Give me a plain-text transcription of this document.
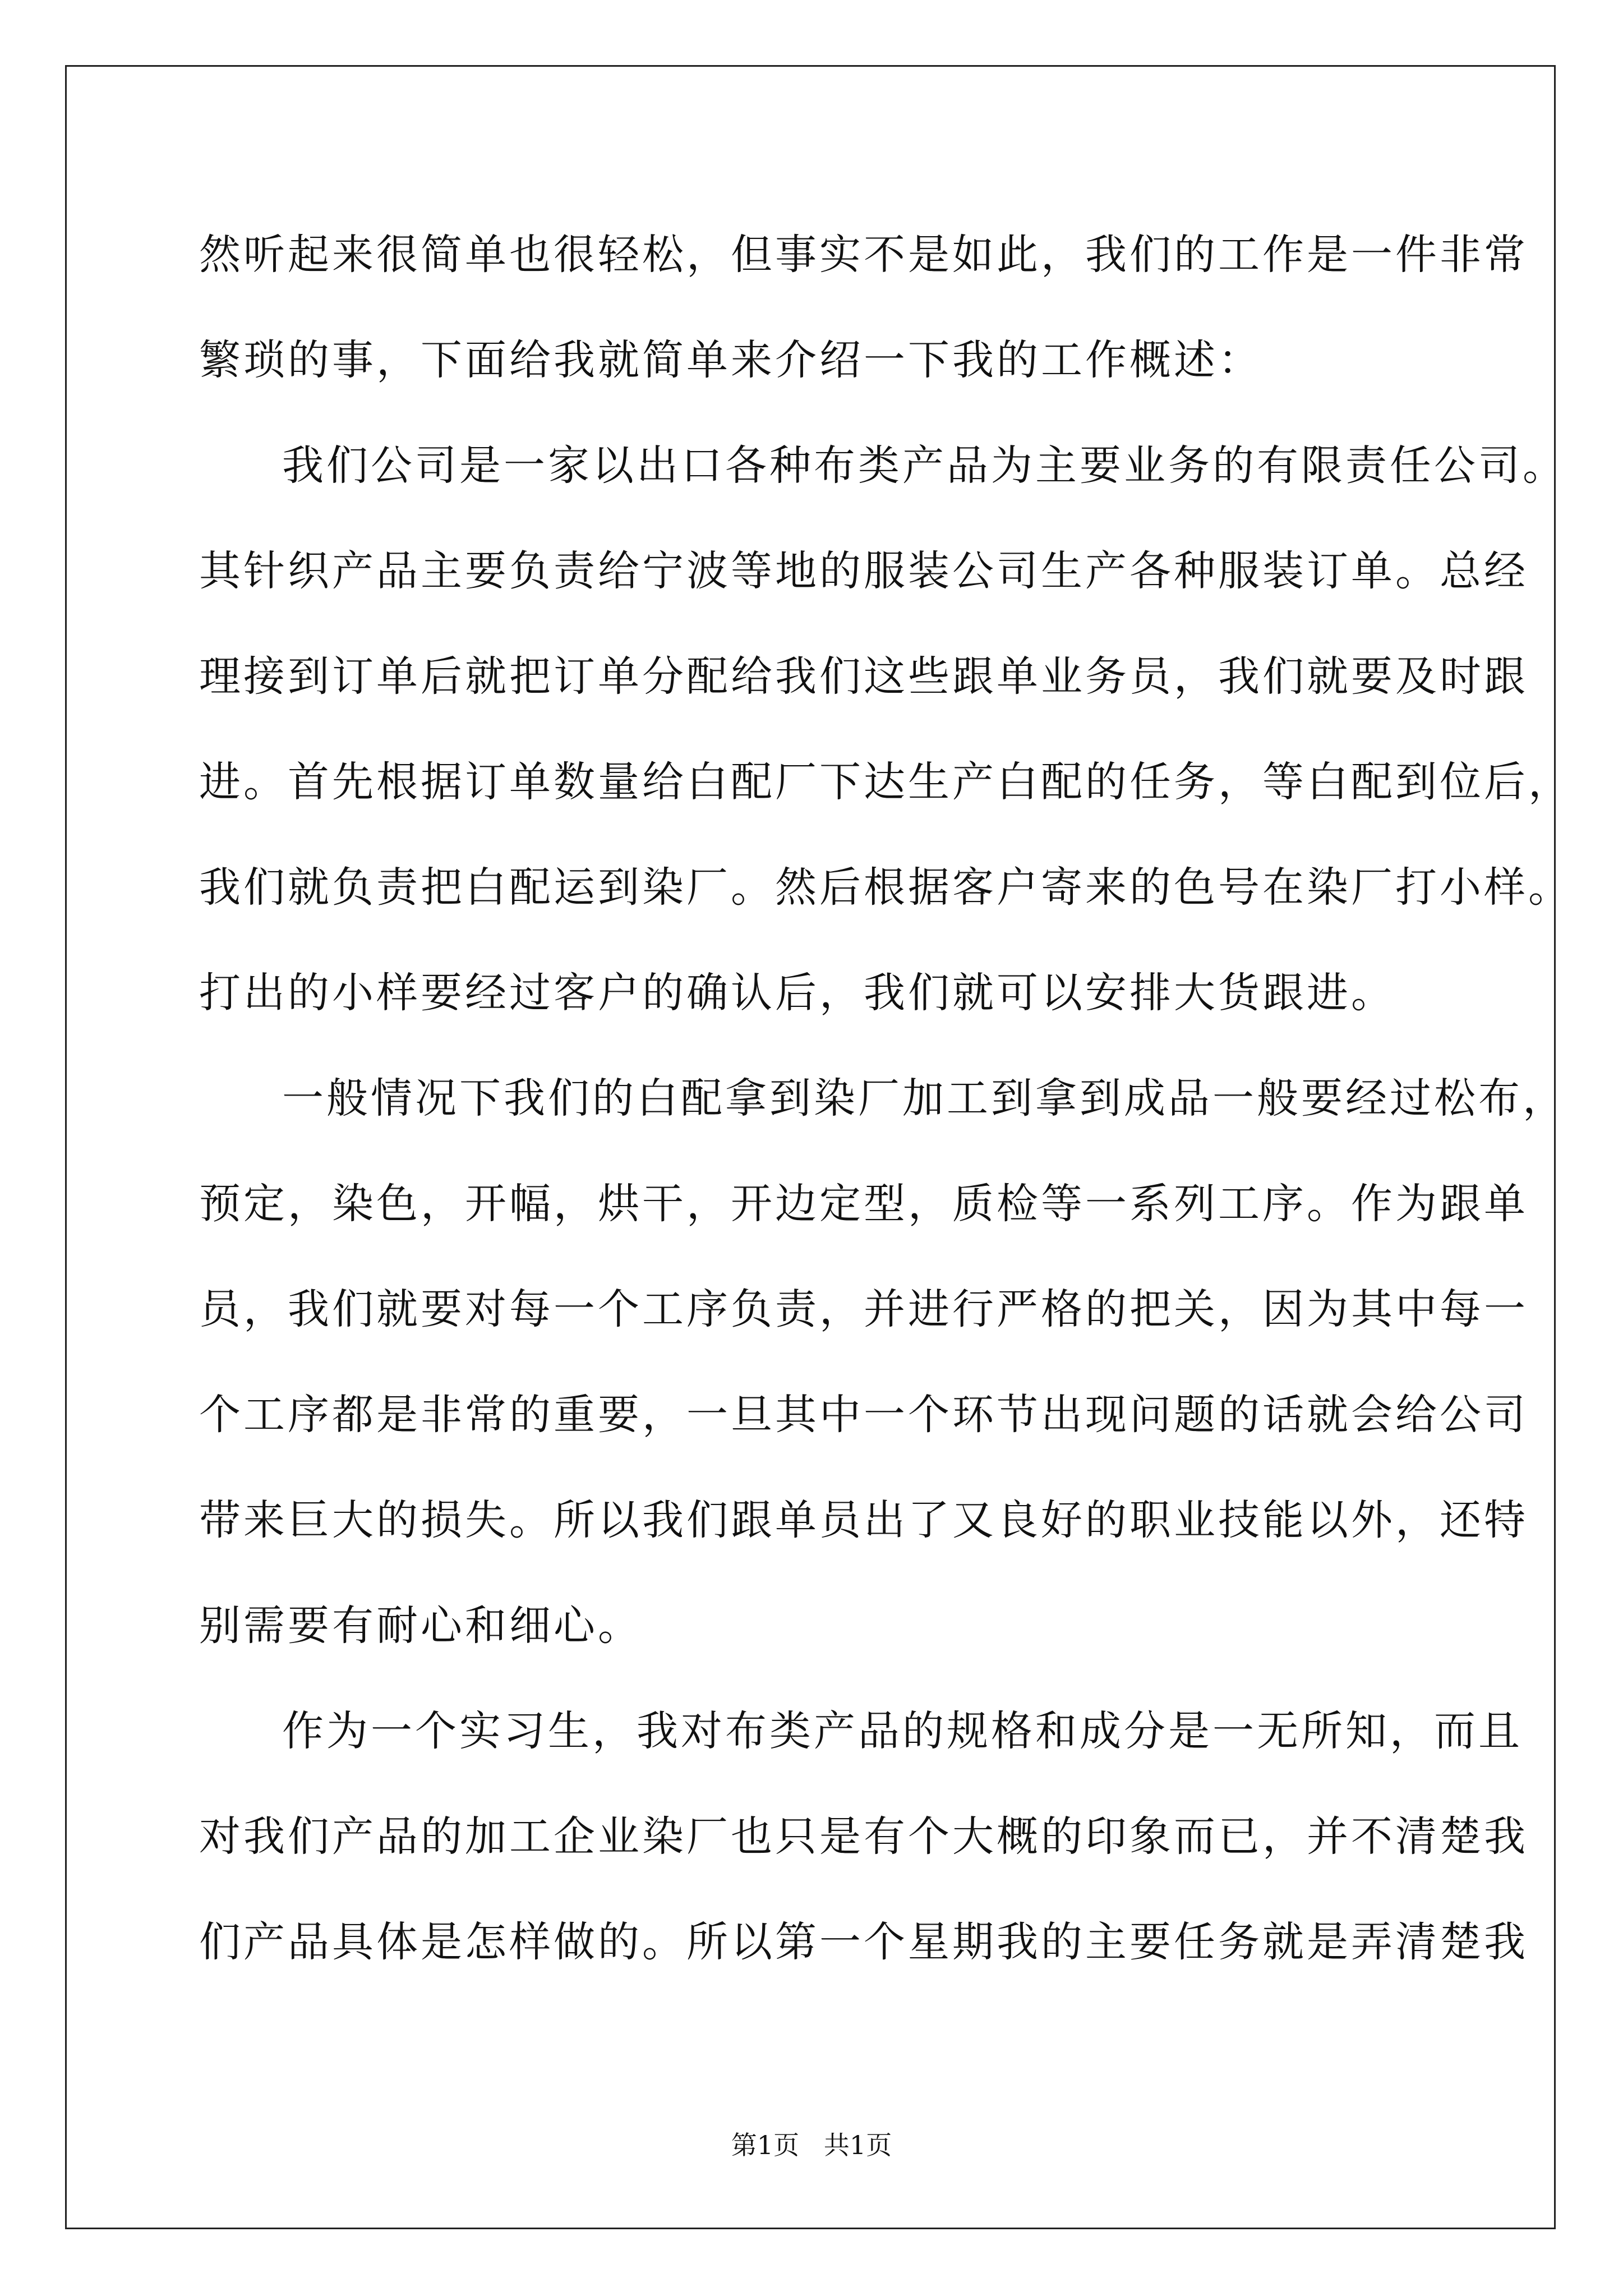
然听起来很简单也很轻松，但事实不是如此，我们的工作是一件非常
繁琐的事，下面给我就简单来介绍一下我的工作概述：
我们公司是一家以出口各种布类产品为主要业务的有限责任公司。
其针织产品主要负责给宁波等地的服装公司生产各种服装订单。总经
理接到订单后就把订单分配给我们这些跟单业务员，我们就要及时跟
进。首先根据订单数量给白配厂下达生产白配的任务，等白配到位后，
我们就负责把白配运到染厂。然后根据客户寄来的色号在染厂打小样。
打出的小样要经过客户的确认后，我们就可以安排大货跟进。
一般情况下我们的白配拿到染厂加工到拿到成品一般要经过松布，
预定，染色，开幅，烘干，开边定型，质检等一系列工序。作为跟单
员，我们就要对每一个工序负责，并进行严格的把关，因为其中每一
个工序都是非常的重要，一旦其中一个环节出现问题的话就会给公司
带来巨大的损失。所以我们跟单员出了又良好的职业技能以外，还特
别需要有耐心和细心。
作为一个实习生，我对布类产品的规格和成分是一无所知，而且
对我们产品的加工企业染厂也只是有个大概的印象而已，并不清楚我
们产品具体是怎样做的。所以第一个星期我的主要任务就是弄清楚我
第1页   共1页
